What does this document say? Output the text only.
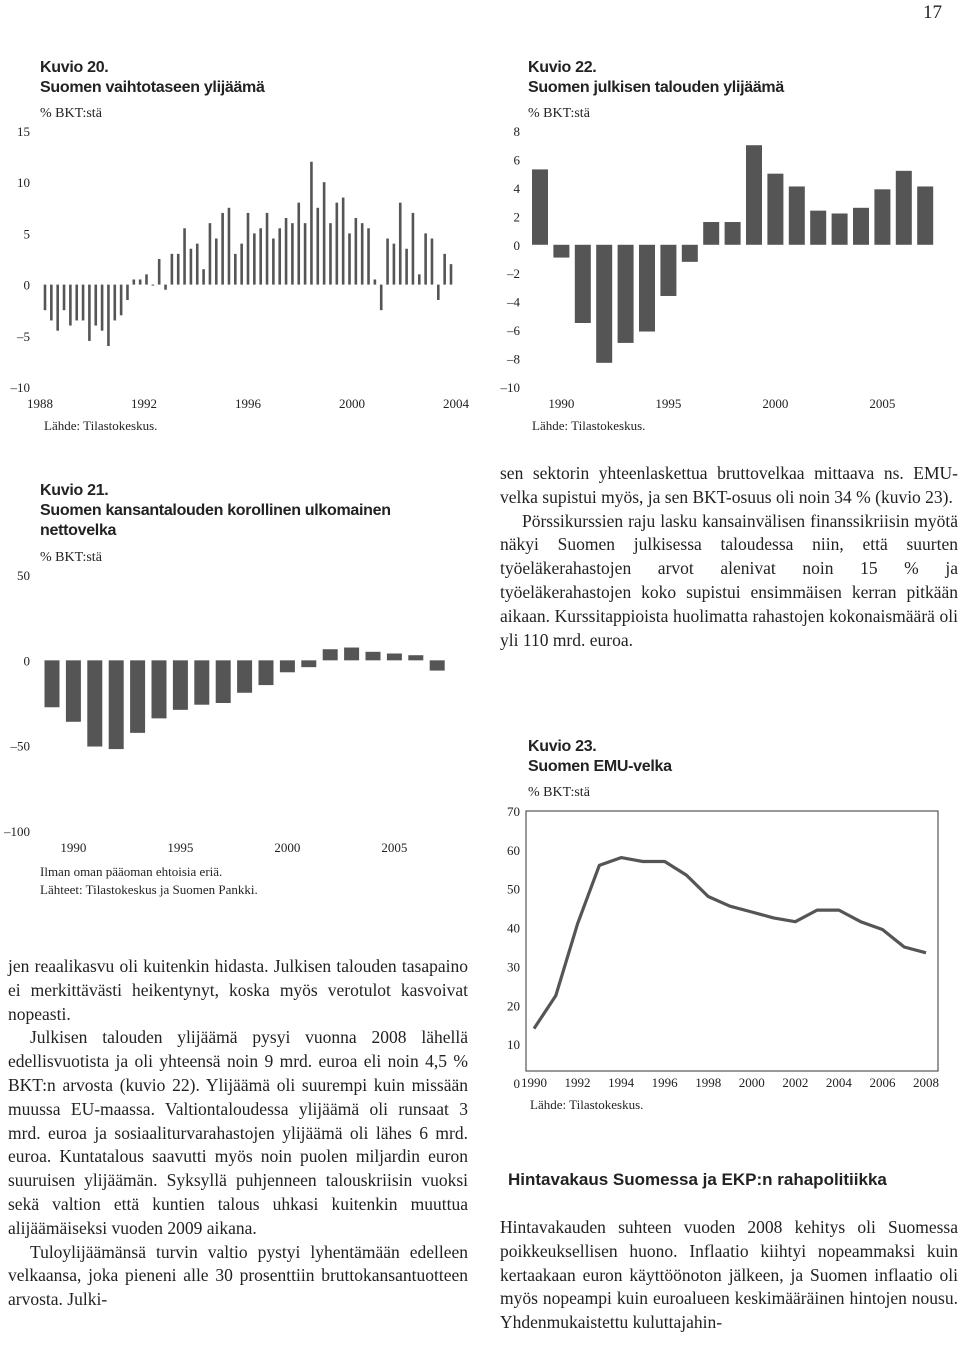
17
Kuvio 20.
Suomen vaihtotaseen ylijäämä
% BKT:stä
–10
–5
0
5
10
15
1988	1992	1996	2000	2004
Lähde: Tilastokeskus.
Kuvio 22.
Suomen julkisen talouden ylijäämä
% BKT:stä
–10
–8
–6
–4
–2
0
2
4
6
8
1990	1995	2000	2005
Lähde: Tilastokeskus.
Kuvio 21.
Suomen kansantalouden korollinen ulkomainen
nettovelka
% BKT:stä
–100
–50
0
50
1990	1995	2000	2005
Ilman oman pääoman ehtoisia eriä.
Lähteet: Tilastokeskus ja Suomen Pankki.

sen sektorin yhteenlaskettua bruttovelkaa mittaava ns. EMU-velka supistui myös, ja sen BKT-osuus oli noin 34 % (kuvio 23).

Pörssikurssien raju lasku kansainvälisen finanssikriisin myötä näkyi Suomen julkisessa taloudessa niin, että suurten työeläkerahastojen arvot alenivat noin 15 % ja työeläkerahastojen koko supistui ensimmäisen kerran pitkään aikaan. Kurssitappioista huolimatta rahastojen kokonaismäärä oli yli 110 mrd. euroa.

Kuvio 23.
Suomen EMU-velka
% BKT:stä
0
10
20
30
40
50
60
70
1990 1992 1994 1996 1998 2000 2002 2004 2006 2008
Lähde: Tilastokeskus.

jen reaalikasvu oli kuitenkin hidasta. Julkisen talouden tasapaino ei merkittävästi heikentynyt, koska myös verotulot kasvoivat nopeasti.

Julkisen talouden ylijäämä pysyi vuonna 2008 lähellä edellisvuotista ja oli yhteensä noin 9 mrd. euroa eli noin 4,5 % BKT:n arvosta (kuvio 22). Ylijäämä oli suurempi kuin missään muussa EU-maassa. Valtiontaloudessa ylijäämä oli runsaat 3 mrd. euroa ja sosiaaliturvarahastojen ylijäämä oli lähes 6 mrd. euroa. Kuntatalous saavutti myös noin puolen miljardin euron suuruisen ylijäämän. Syksyllä puhjenneen talouskriisin vuoksi sekä valtion että kuntien talous uhkasi kuitenkin muuttua alijäämäiseksi vuoden 2009 aikana.

Tuloylijäämänsä turvin valtio pystyi lyhentämään edelleen velkaansa, joka pieneni alle 30 prosenttiin bruttokansantuotteen arvosta. Julki-

Hintavakaus Suomessa ja EKP:n rahapolitiikka

Hintavakauden suhteen vuoden 2008 kehitys oli Suomessa poikkeuksellisen huono. Inflaatio kiihtyi nopeammaksi kuin kertaakaan euron käyttöönoton jälkeen, ja Suomen inflaatio oli myös nopeampi kuin euroalueen keskimääräinen hintojen nousu. Yhdenmukaistettu kuluttajahin-
